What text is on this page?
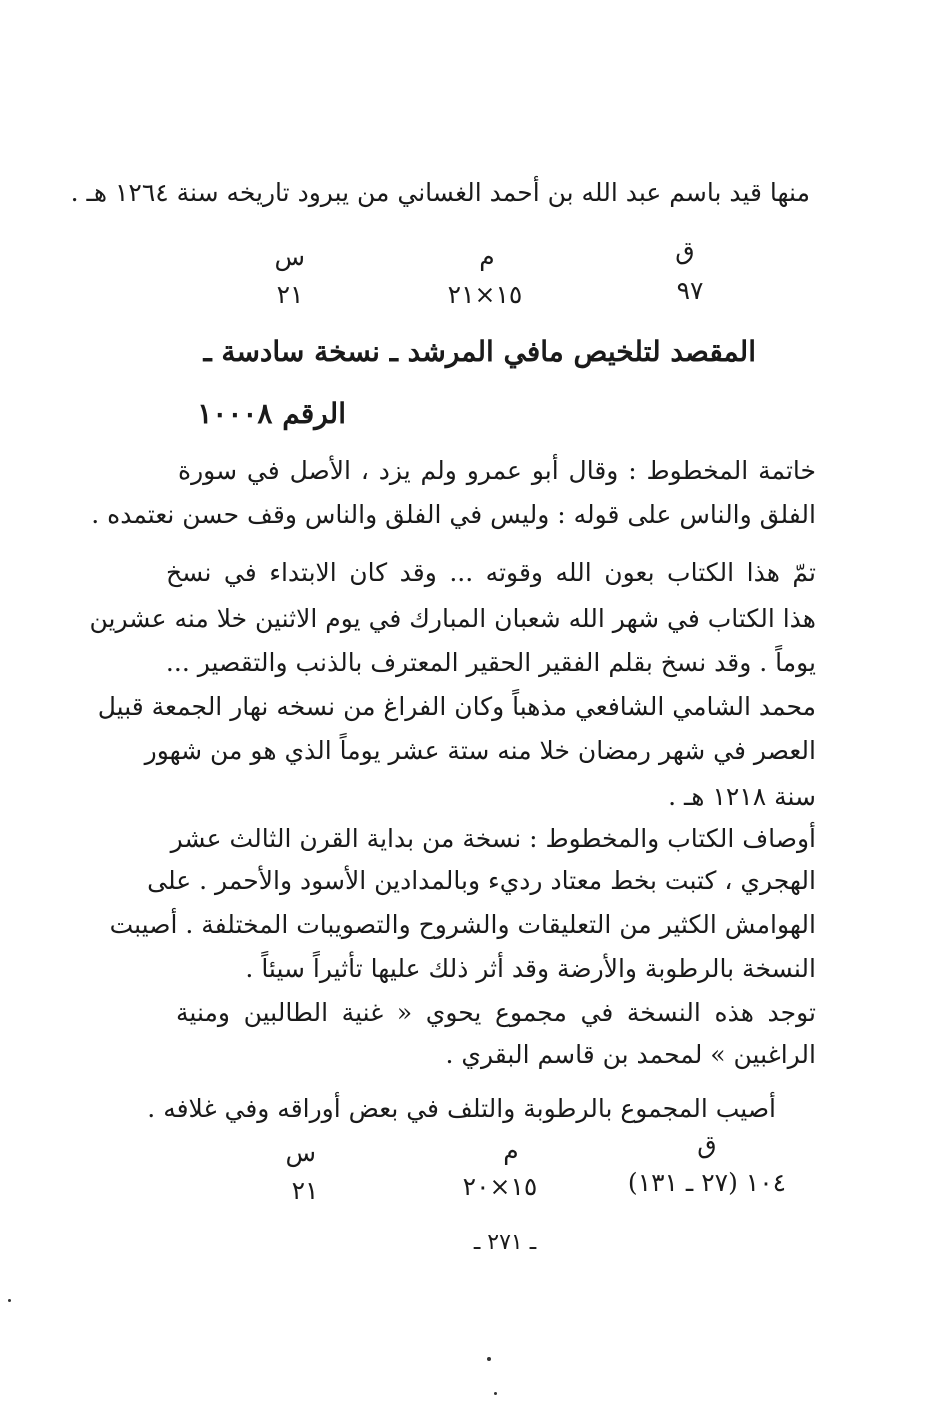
منها قيد باسم عبد الله بن أحمد الغساني من يبرود تاريخه سنة ١٢٦٤ هـ .
ق
م
س
٩٧
١٥×٢١
٢١
المقصد لتلخيص مافي المرشد ـ نسخة سادسة ـ
الرقم ١٠٠٠٨
خاتمة المخطوط : وقال أبو عمرو ولم يزد ، الأصل في سورة
الفلق والناس على قوله : وليس في الفلق والناس وقف حسن نعتمده .
تمّ هذا الكتاب بعون الله وقوته ... وقد كان الابتداء في نسخ
هذا الكتاب في شهر الله شعبان المبارك في يوم الاثنين خلا منه عشرين
يوماً . وقد نسخ بقلم الفقير الحقير المعترف بالذنب والتقصير ...
محمد الشامي الشافعي مذهباً وكان الفراغ من نسخه نهار الجمعة قبيل
العصر في شهر رمضان خلا منه ستة عشر يوماً الذي هو من شهور
سنة ١٢١٨ هـ .
أوصاف الكتاب والمخطوط : نسخة من بداية القرن الثالث عشر
الهجري ، كتبت بخط معتاد رديء وبالمدادين الأسود والأحمر . على
الهوامش الكثير من التعليقات والشروح والتصويبات المختلفة . أصيبت
النسخة بالرطوبة والأرضة وقد أثر ذلك عليها تأثيراً سيئاً .
توجد هذه النسخة في مجموع يحوي « غنية الطالبين ومنية
الراغبين » لمحمد بن قاسم البقري .
أصيب المجموع بالرطوبة والتلف في بعض أوراقه وفي غلافه .
ق
م
س
١٠٤ (٢٧ ـ ١٣١)
١٥×٢٠
٢١
ـ ٢٧١ ـ
